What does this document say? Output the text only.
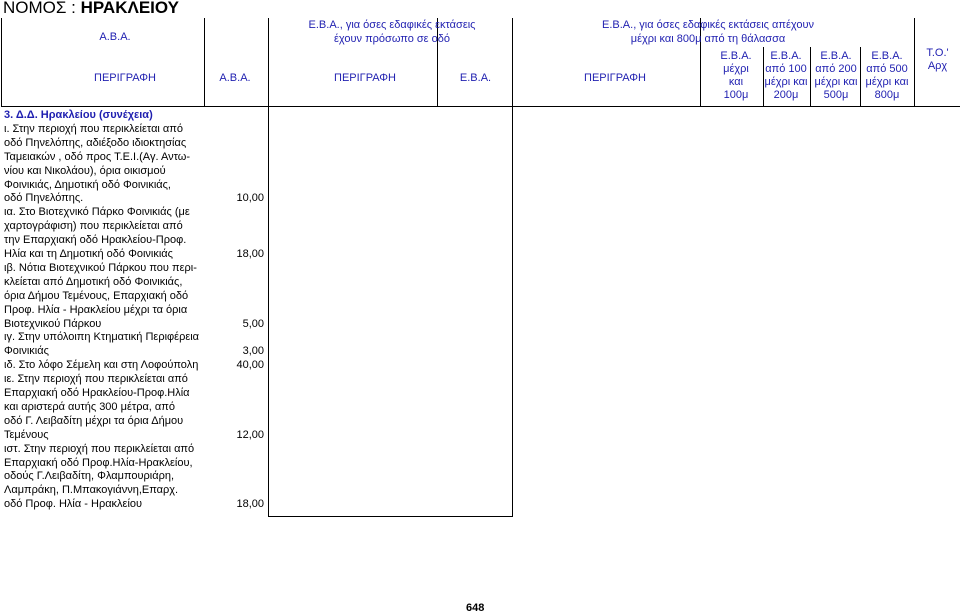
ΝΟΜΟΣ : ΗΡΑΚΛΕΙΟΥ
Α.Β.Α.
ΠΕΡΙΓΡΑΦΗ	Α.Β.Α.	ΠΕΡΙΓΡΑΦΗ	Ε.Β.Α.	ΠΕΡΙΓΡΑΦΗ
Ε.Β.Α., για όσες εδαφικές εκτάσεις
έχουν πρόσωπο σε οδό
Ε.Β.Α., για όσες εδαφικές εκτάσεις απέχουν
μέχρι και 800μ από τη θάλασσα
Ε.Β.Α.
μέχρι
και
100μ
Ε.Β.Α.
από 100
μέχρι και
200μ
Ε.Β.Α.
από 200
μέχρι και
500μ
Ε.Β.Α.
από 500
μέχρι και
800μ
Τ.Ο.'
Αρχ
3. Δ.Δ. Ηρακλείου (συνέχεια)
ι. Στην περιοχή που περικλείεται από
οδό Πηνελόπης, αδιέξοδο ιδιοκτησίας
Ταμειακών , οδό προς Τ.Ε.Ι.(Αγ. Αντω-
νίου και Νικολάου), όρια οικισμού
Φοινικιάς, Δημοτική οδό Φοινικιάς,
οδό Πηνελόπης.	10,00
ια. Στο Βιοτεχνικό Πάρκο Φοινικιάς (με
χαρτογράφιση) που περικλείεται από
την Επαρχιακή οδό Ηρακλείου-Προφ.
Ηλία και τη Δημοτική οδό Φοινικιάς	18,00
ιβ. Νότια Βιοτεχνικού Πάρκου που περι-
κλείεται από Δημοτική οδό Φοινικιάς,
όρια Δήμου Τεμένους, Επαρχιακή οδό
Προφ. Ηλία - Ηρακλείου μέχρι τα όρια
Βιοτεχνικού Πάρκου	5,00
ιγ. Στην υπόλοιπη Κτηματική Περιφέρεια
Φοινικιάς	3,00
ιδ. Στο λόφο Σέμελη και στη Λοφούπολη	40,00
ιε. Στην περιοχή που περικλείεται από
Επαρχιακή οδό Ηρακλείου-Προφ.Ηλία
και αριστερά αυτής 300 μέτρα, από
οδό Γ. Λειβαδίτη μέχρι τα όρια Δήμου
Τεμένους	12,00
ιστ. Στην περιοχή που περικλείεται από
Επαρχιακή οδό Προφ.Ηλία-Ηρακλείου,
οδούς Γ.Λειβαδίτη, Φλαμπουριάρη,
Λαμπράκη, Π.Μπακογιάννη,Επαρχ.
οδό Προφ. Ηλία - Ηρακλείου	18,00
648
